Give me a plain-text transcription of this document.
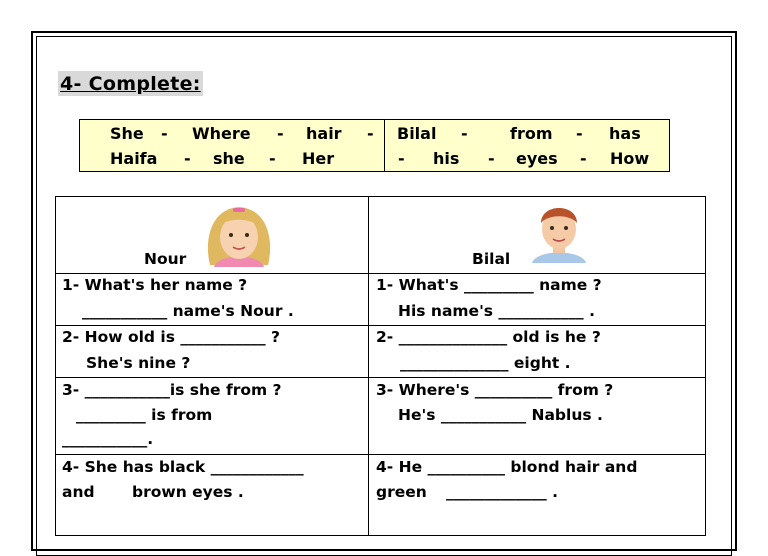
4- Complete:
She - Where - hair -
Haifa - she - Her
Bilal -	from - has
- his - eyes - How
Nour	Bilal
1- What's her name ?
___________ name's Nour .
2- How old is ___________ ?
She's nine ?
3- ___________is she from ?
_________ is from
___________.
4- She has black ____________
and brown eyes .
1- What's _________ name ?
His name's ___________ .
2- ______________ old is he ?
______________ eight .
3- Where's __________ from ?
He's ___________ Nablus .
4- He __________ blond hair and
green _____________ .
